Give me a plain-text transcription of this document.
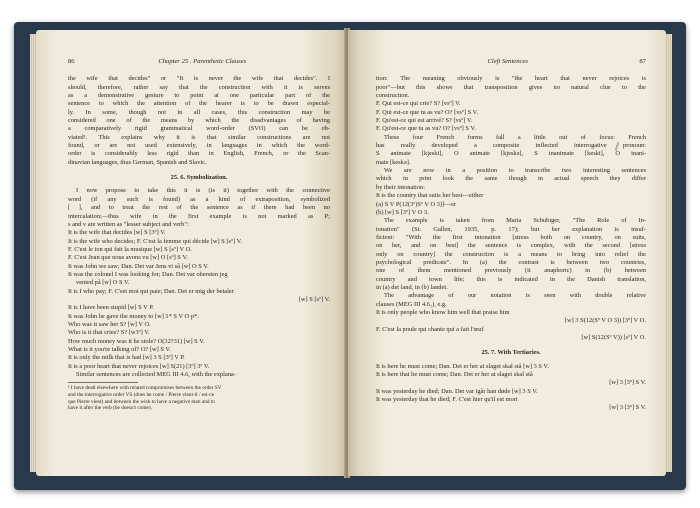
86	Chapter 25 . Parenthetic Clauses
the wife that decides" or "It is never the wife that decides". I
should, therefore, rather say that the construction with it is serves
as a demonstrative gesture to point at one particular part of the
sentence to which the attention of the hearer is to be drawn especial-
ly. In some, though not in all cases, this construction may be
considered one of the means by which the disadvantages of having
a comparatively rigid grammatical word-order (SVO) can be ob-
viated¹. This explains why it is that similar constructions are not
found, or are not used extensively, in languages in which the word-
order is considerably less rigid than in English, French, or the Scan-
dinavian languages, thus German, Spanish and Slavic.
25. 6. Symbolization.
I now propose to take this it is (is it) together with the connective
word (if any such is found) as a kind of extraposition, symbolized
[ ], and to treat the rest of the sentence as if there had been no
intercalation;—thus wife in the first example is not marked as P;
s and v are written as "lesser subject and verb":
It is the wife that decides [w] S [3º] V.
It is the wife who decides; F. C'est la femme qui décide [w] S [sº] V.
F. C'est le ton qui fait la musique [w] S [sº] V O.
F. C'est Jean que nous avons vu [w] O [sº] S V.
It was John we saw; Dan. Det var Jens vi så [w] O S V.
It was the colonel I was looking for; Dan. Det var obersten jeg
vented på [w] O S V.
It is I who pay; F. C'est moi qui paie; Dan. Det er mig der betaler
[w] S [sº] V.
It is I have been stupid [w] S V P.
It was John he gave the money to [w] 1* S V O p*.
Who was it saw her S? [w] V O.
Who is it that cries? S? [w3º] V.
How much money was it he stole? O(32?31) [w] S V.
What is it you're talking of? O? [w] S V.
It is only the milk that is had [w] 3 S [3º] V P.
It is a poor heart that never rejoices [w] S(21) [3º] 3º V.
Similar sentences are collected MEG III 4.6, with the explana-
¹ I have dealt elsewhere with related compromises between the order SV
and the interrogative order VS (does he come / Pierre vient-il / est-ce
que Pierre vient) and between the wish to have a negative men and to
have it after the verb (he doesn't come).
Cleft Sentences	87
tion: The meaning obviously is "the heart that never rejoices is
poor"—but this shows that transposition gives no natural clue to the
construction.
F. Qui est-ce qui crie? S? [vsº] V.
F. Qui est-ce que tu as vu? O? [vsº] S V.
F. Qu'est-ce qui est arrivé? S? [vsº] V.
F. Qu'est-ce que tu as vu? O? [vsº] S V.
These four French forms fall a little out of focus: French
has really developed a composite inflected interrogative pronoun:
S animate [kjeski], O animate [kjeskə], S inanimate [keski], O inani-
mate [keskə].
We are now in a position to transcribe two interesting sentences
which in print look the same though in actual speech they differ
by their intonation:
It is the country that suits her best—either
(a) S V P(12(3º)Sº V O 3)]—or
(b) [w] S [3º] V O 3.
The example is taken from Maria Schubiger, "The Role of In-
tonation" (St. Gallen, 1935, p. 17); but her explanation is insuf-
ficient: "With the first intonation [stress both on country, on suits,
on her, and on best] the sentence is complex, with the second [stress
only on country] the construction is a means to bring into relief the
psychological predicate". In (a) the contrast is between two countries,
one of them mentioned previously (it anaphoric) in (b) between
country and town life; this is indicated in the Danish translation,
in (a) det land, in (b) landet.
The advantage of our notation is seen with double relative
clauses (MEG III 4.6₂), e.g.
It is only people who know him well that praise him
[w] 3 S(12(Sº V O 3)) [3º] V O.
F. C'est la poule qui chante qui a fait l'œuf
[w] S(12(Sº V)) [sº] V O.
25. 7. With Tertiaries.
It is here he must come; Dan. Det er her at slaget skal stå [w] 3 S V.
It is here that he must come; Dan. Det er her at slaget skal stå
[w] 3 [3º] S V.
It was yesterday he died; Dan. Det var igår han døde [w] 3 S V.
It was yesterday that he died; F. C'est hier qu'il est mort
[w] 3 [3º] S V.
